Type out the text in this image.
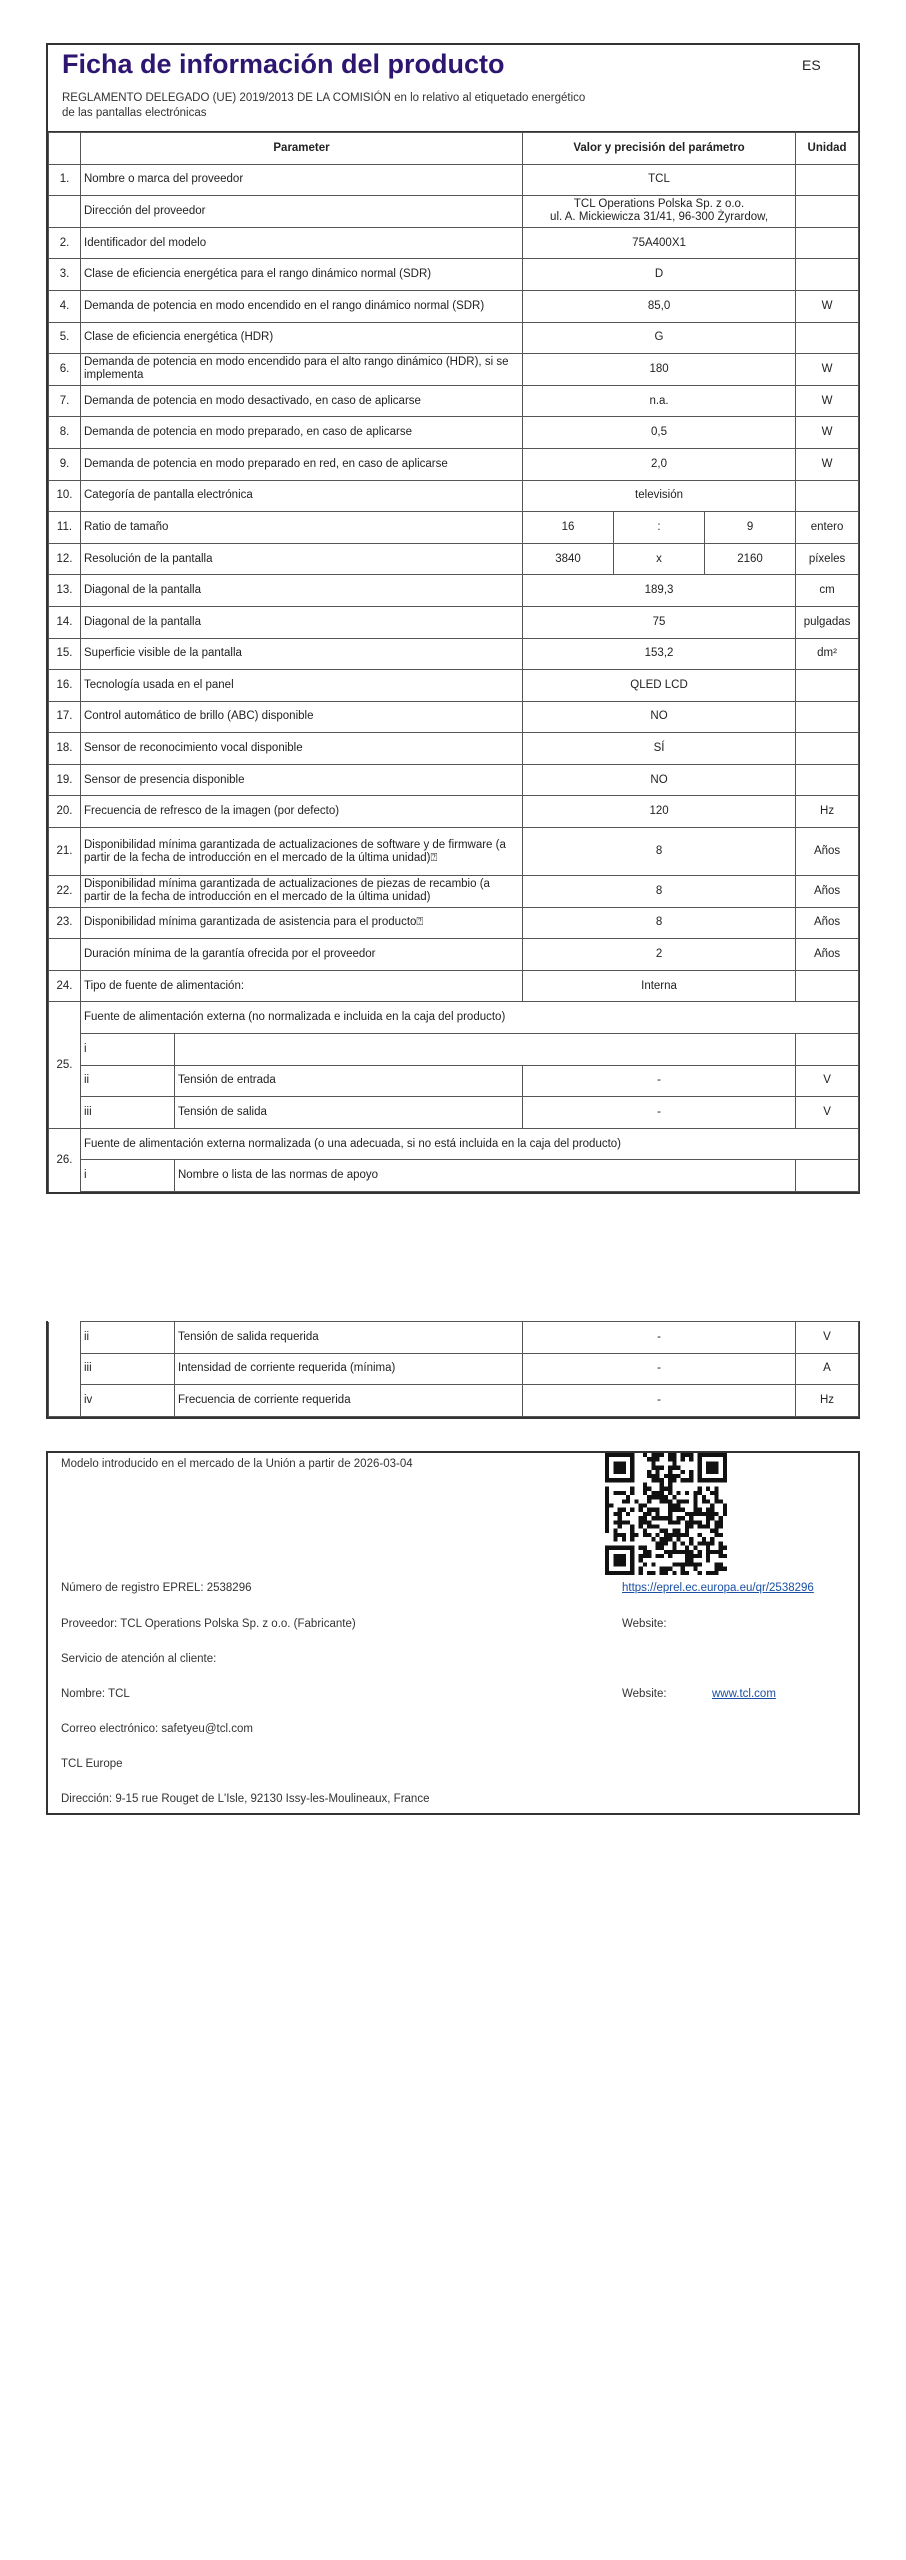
Ficha de información del producto	ES
REGLAMENTO DELEGADO (UE) 2019/2013 DE LA COMISIÓN en lo relativo al etiquetado energético
de las pantallas electrónicas
	Parameter		Valor y precisión del parámetro			Unidad
1.	Nombre o marca del proveedor		TCL			
	Dirección del proveedor		TCL Operations Polska Sp. z o.o.
ul. A. Mickiewicza 31/41, 96-300 Żyrardow,			

2.	Identificador del modelo		75A400X1			
3.	Clase de eficiencia energética para el rango dinámico normal (SDR)		D			
4.	Demanda de potencia en modo encendido en el rango dinámico normal (SDR)		85,0			W
5.	Clase de eficiencia energética (HDR)		G			
6.	Demanda de potencia en modo encendido para el alto rango dinámico (HDR), si se implementa		180			W
7.	Demanda de potencia en modo desactivado, en caso de aplicarse		n.a.			W
8.	Demanda de potencia en modo preparado, en caso de aplicarse		0,5			W
9.	Demanda de potencia en modo preparado en red, en caso de aplicarse		2,0			W
10.	Categoría de pantalla electrónica		televisión			
11.	Ratio de tamaño		16	:	9	entero
12.	Resolución de la pantalla		3840	x	2160	píxeles
13.	Diagonal de la pantalla		189,3			cm
14.	Diagonal de la pantalla		75			pulgadas
15.	Superficie visible de la pantalla		153,2			dm²
16.	Tecnología usada en el panel		QLED LCD			
17.	Control automático de brillo (ABC) disponible		NO			
18.	Sensor de reconocimiento vocal disponible		SÍ			
19.	Sensor de presencia disponible		NO			
20.	Frecuencia de refresco de la imagen (por defecto)		120			Hz
21.	Disponibilidad mínima garantizada de actualizaciones de software y de firmware (a partir de la fecha de introducción en el mercado de la última unidad)⍰		8			Años
22.	Disponibilidad mínima garantizada de actualizaciones de piezas de recambio (a partir de la fecha de introducción en el mercado de la última unidad)		8			Años
23.	Disponibilidad mínima garantizada de asistencia para el producto⍰		8			Años
	Duración mínima de la garantía ofrecida por el proveedor		2			Años
24.	Tipo de fuente de alimentación:		Interna			
25.	Fuente de alimentación externa (no normalizada e incluida en la caja del producto)					
	i					
	ii	Tensión de entrada	-			V
	iii	Tensión de salida	-			V
26.	Fuente de alimentación externa normalizada (o una adecuada, si no está incluida en la caja del producto)					
	i	Nombre o lista de las normas de apoyo				
	ii	Tensión de salida requerida	-	V
	iii	Intensidad de corriente requerida (mínima)	-	A
	iv	Frecuencia de corriente requerida	-	Hz
Modelo introducido en el mercado de la Unión a partir de 2026-03-04
Número de registro EPREL: 2538296	https://eprel.ec.europa.eu/qr/2538296
Proveedor: TCL Operations Polska Sp. z o.o. (Fabricante)	Website:
Servicio de atención al cliente:
Nombre: TCL	Website:	www.tcl.com
Correo electrónico: safetyeu@tcl.com
TCL Europe
Dirección: 9-15 rue Rouget de L'Isle, 92130 Issy-les-Moulineaux, France
